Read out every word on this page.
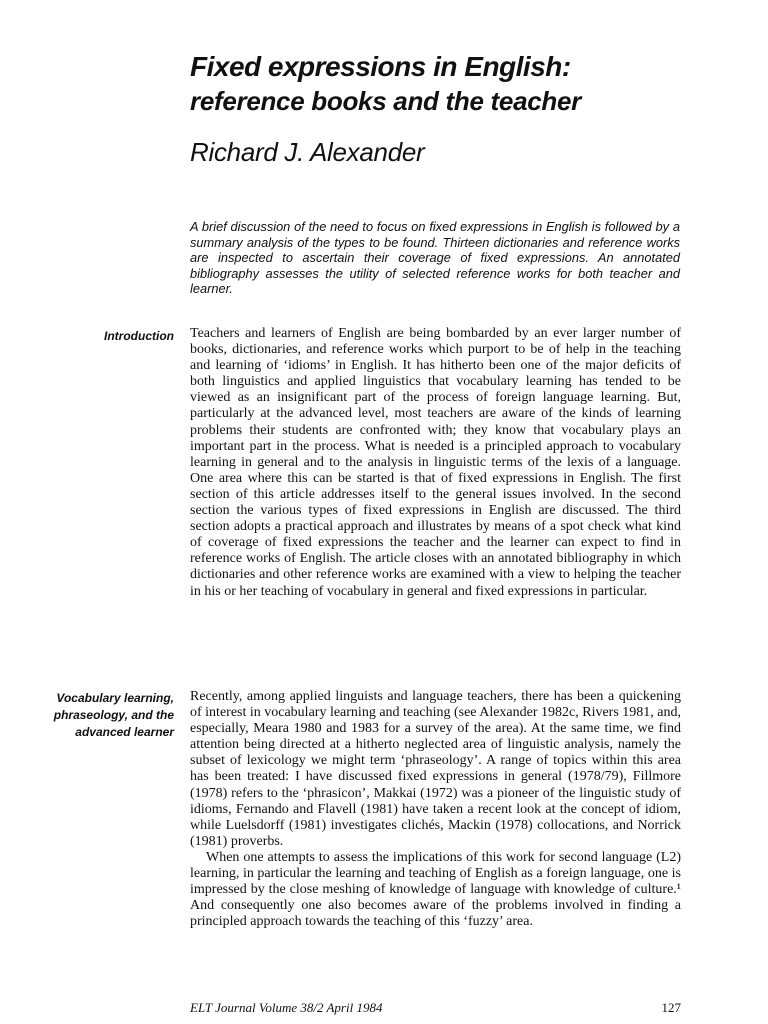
Fixed expressions in English:
reference books and the teacher
Richard J. Alexander

A brief discussion of the need to focus on fixed expressions in English is followed by a summary analysis of the types to be found. Thirteen dictionaries and reference works are inspected to ascertain their coverage of fixed expressions. An annotated bibliography assesses the utility of selected reference works for both teacher and learner.

Introduction Teachers and learners of English are being bombarded by an ever larger number of books, dictionaries, and reference works which purport to be of help in the teaching and learning of ‘idioms’ in English. It has hitherto been one of the major deficits of both linguistics and applied linguistics that vocabulary learning has tended to be viewed as an insignificant part of the process of foreign language learning. But, particularly at the advanced level, most teachers are aware of the kinds of learning problems their students are confronted with; they know that vocabulary plays an important part in the process. What is needed is a principled approach to vocabulary learning in general and to the analysis in linguistic terms of the lexis of a language. One area where this can be started is that of fixed expressions in English. The first section of this article addresses itself to the general issues involved. In the second section the various types of fixed expressions in English are discussed. The third section adopts a practical approach and illustrates by means of a spot check what kind of coverage of fixed expressions the teacher and the learner can expect to find in reference works of English. The article closes with an annotated bibliography in which dictionaries and other reference works are examined with a view to helping the teacher in his or her teaching of vocabulary in general and fixed expressions in particular.

Vocabulary learning,
phraseology, and the
advanced learner

Recently, among applied linguists and language teachers, there has been a quickening of interest in vocabulary learning and teaching (see Alexander 1982c, Rivers 1981, and, especially, Meara 1980 and 1983 for a survey of the area). At the same time, we find attention being directed at a hitherto neglected area of linguistic analysis, namely the subset of lexicology we might term ‘phraseology’. A range of topics within this area has been treated: I have discussed fixed expressions in general (1978/79), Fillmore (1978) refers to the ‘phrasicon’, Makkai (1972) was a pioneer of the linguistic study of idioms, Fernando and Flavell (1981) have taken a recent look at the concept of idiom, while Luelsdorff (1981) investigates clichés, Mackin (1978) collocations, and Norrick (1981) proverbs.

When one attempts to assess the implications of this work for second language (L2) learning, in particular the learning and teaching of English as a foreign language, one is impressed by the close meshing of knowledge of language with knowledge of culture.¹ And consequently one also becomes aware of the problems involved in finding a principled approach towards the teaching of this ‘fuzzy’ area.

ELT Journal Volume 38/2 April 1984	127
